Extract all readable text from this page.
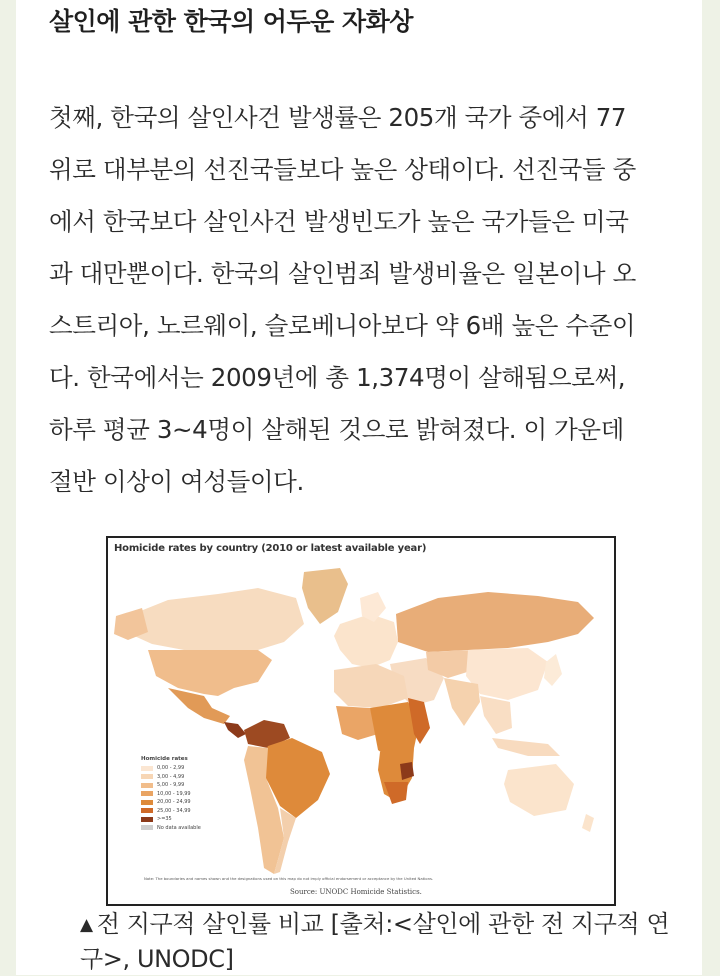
살인에 관한 한국의 어두운 자화상
첫째, 한국의 살인사건 발생률은 205개 국가 중에서 77
위로 대부분의 선진국들보다 높은 상태이다. 선진국들 중
에서 한국보다 살인사건 발생빈도가 높은 국가들은 미국
과 대만뿐이다. 한국의 살인범죄 발생비율은 일본이나 오
스트리아, 노르웨이, 슬로베니아보다 약 6배 높은 수준이
다. 한국에서는 2009년에 총 1,374명이 살해됨으로써,
하루 평균 3~4명이 살해된 것으로 밝혀졌다. 이 가운데
절반 이상이 여성들이다.
Homicide rates by country (2010 or latest available year)
Homicide rates
0,00 - 2,99
3,00 - 4,99
5,00 - 9,99
10,00 - 19,99
20,00 - 24,99
25,00 - 34,99
>=35
No data available
Note: The boundaries and names shown and the designations used on this map do not imply official endorsement or acceptance by the United Nations.
Source: UNODC Homicide Statistics.
▲ 전 지구적 살인률 비교 [출처:<살인에 관한 전 지구적 연구>, UNODC]
